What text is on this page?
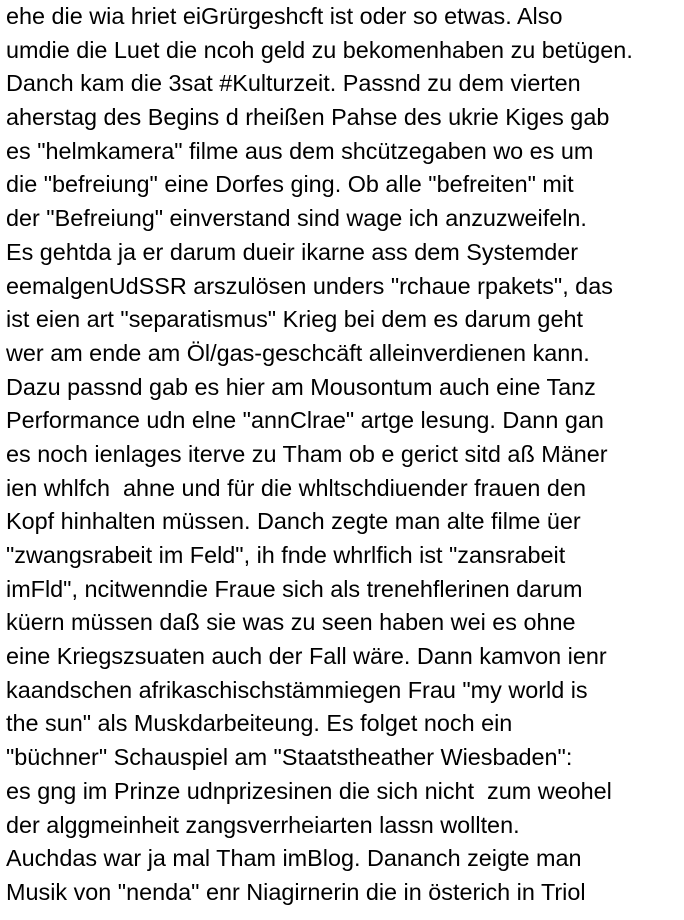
ehe die wia hriet eiGrürgeshcft ist oder so etwas. Also
umdie die Luet die ncoh geld zu bekomenhaben zu betügen.
Danch kam die 3sat #Kulturzeit. Passnd zu dem vierten
aherstag des Begins d rheißen Pahse des ukrie Kiges gab
es "helmkamera" filme aus dem shcützegaben wo es um
die "befreiung" eine Dorfes ging. Ob alle "befreiten" mit
der "Befreiung" einverstand sind wage ich anzuzweifeln.
Es gehtda ja er darum dueir ikarne ass dem Systemder
eemalgenUdSSR arszulösen unders "rchaue rpakets", das
ist eien art "separatismus" Krieg bei dem es darum geht
wer am ende am Öl/gas-geschcäft alleinverdienen kann.
Dazu passnd gab es hier am Mousontum auch eine Tanz
Performance udn elne "annClrae" artge lesung. Dann gan
es noch ienlages iterve zu Tham ob e gerict sitd aß Mäner
ien whlfch  ahne und für die whltschdiuender frauen den
Kopf hinhalten müssen. Danch zegte man alte filme üer
"zwangsrabeit im Feld", ih fnde whrlfich ist "zansrabeit
imFld", ncitwenndie Fraue sich als trenehflerinen darum
küern müssen daß sie was zu seen haben wei es ohne
eine Kriegszsuaten auch der Fall wäre. Dann kamvon ienr
kaandschen afrikaschischstämmiegen Frau "my world is
the sun" als Muskdarbeiteung. Es folget noch ein
"büchner" Schauspiel am "Staatstheather Wiesbaden":
es gng im Prinze udnprizesinen die sich nicht  zum weohel
der alggmeinheit zangsverrheiarten lassn wollten.
Auchdas war ja mal Tham imBlog. Dananch zeigte man
Musik von "nenda" enr Niagirnerin die in österich in Triol
